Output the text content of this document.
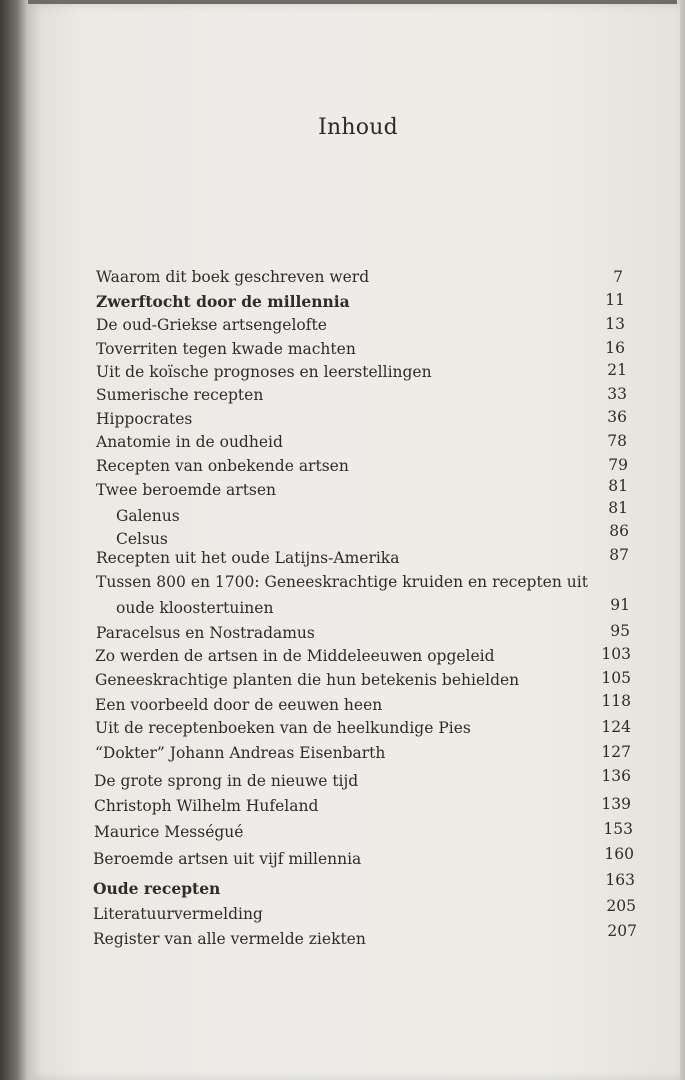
Inhoud
Waarom dit boek geschreven werd	7
Zwerftocht door de millennia	11
De oud-Griekse artsengelofte	13
Toverriten tegen kwade machten	16
Uit de koïsche prognoses en leerstellingen	21
Sumerische recepten	33
Hippocrates	36
Anatomie in de oudheid	78
Recepten van onbekende artsen	79
Twee beroemde artsen	81
Galenus	81
Celsus	86
Recepten uit het oude Latijns-Amerika	87
Tussen 800 en 1700: Geneeskrachtige kruiden en recepten uit
oude kloostertuinen	91
Paracelsus en Nostradamus	95
Zo werden de artsen in de Middeleeuwen opgeleid	103
Geneeskrachtige planten die hun betekenis behielden	105
Een voorbeeld door de eeuwen heen	118
Uit de receptenboeken van de heelkundige Pies	124
“Dokter” Johann Andreas Eisenbarth	127
De grote sprong in de nieuwe tijd	136
Christoph Wilhelm Hufeland	139
Maurice Mességué	153
Beroemde artsen uit vijf millennia	160
Oude recepten	163
Literatuurvermelding	205
Register van alle vermelde ziekten	207
